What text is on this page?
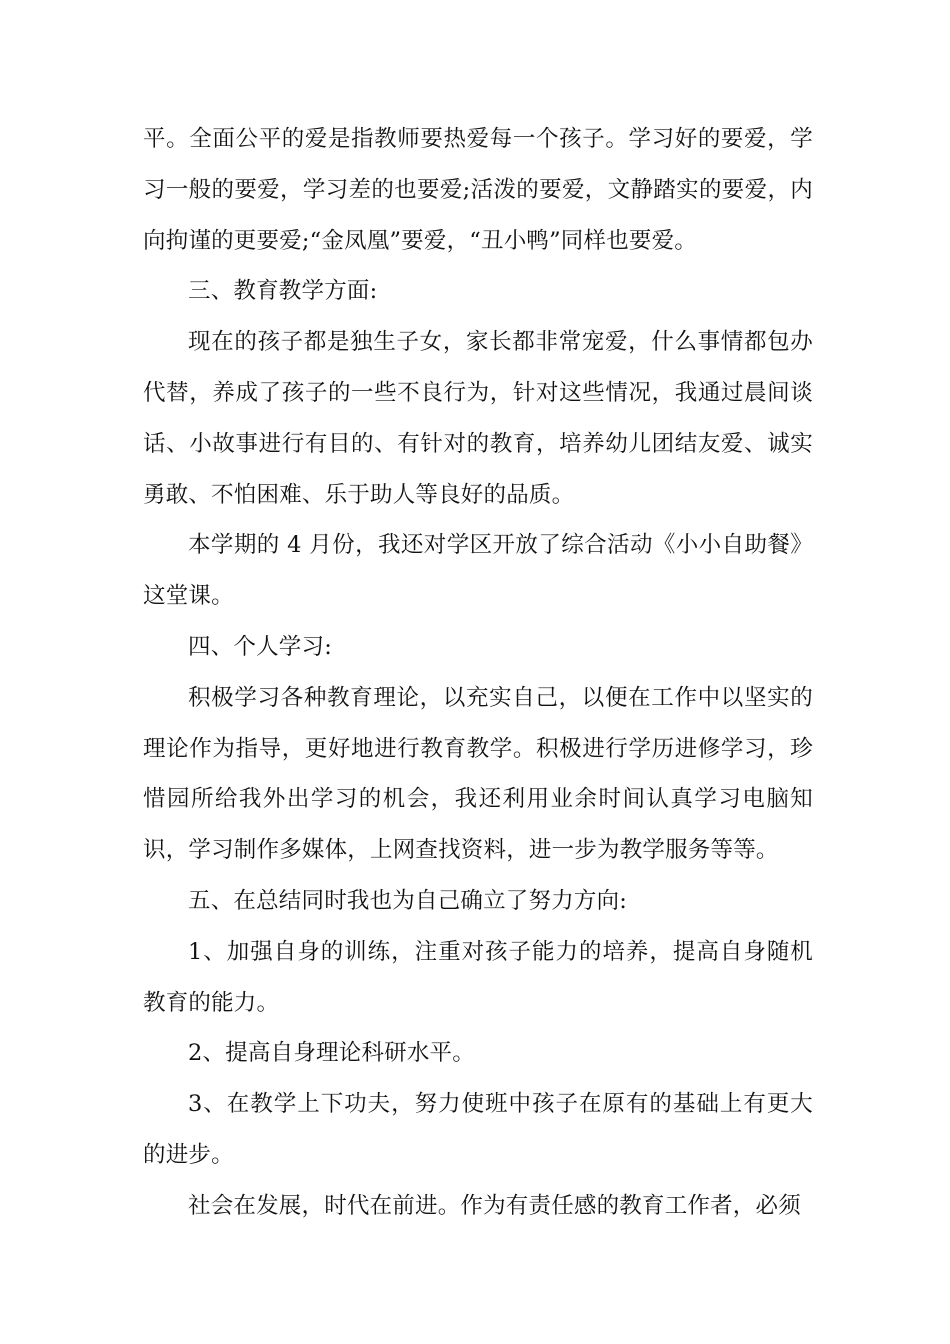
平。全面公平的爱是指教师要热爱每一个孩子。学习好的要爱，学习一般的要爱，学习差的也要爱;活泼的要爱，文静踏实的要爱，内向拘谨的更要爱;“金凤凰”要爱，“丑小鸭”同样也要爱。

三、教育教学方面:

现在的孩子都是独生子女，家长都非常宠爱，什么事情都包办代替，养成了孩子的一些不良行为，针对这些情况，我通过晨间谈话、小故事进行有目的、有针对的教育，培养幼儿团结友爱、诚实勇敢、不怕困难、乐于助人等良好的品质。

本学期的 4 月份，我还对学区开放了综合活动《小小自助餐》这堂课。

四、个人学习:

积极学习各种教育理论，以充实自己，以便在工作中以坚实的理论作为指导，更好地进行教育教学。积极进行学历进修学习，珍惜园所给我外出学习的机会，我还利用业余时间认真学习电脑知识，学习制作多媒体，上网查找资料，进一步为教学服务等等。

五、在总结同时我也为自己确立了努力方向:

1、加强自身的训练，注重对孩子能力的培养，提高自身随机教育的能力。

2、提高自身理论科研水平。

3、在教学上下功夫，努力使班中孩子在原有的基础上有更大的进步。

社会在发展，时代在前进。作为有责任感的教育工作者，必须
